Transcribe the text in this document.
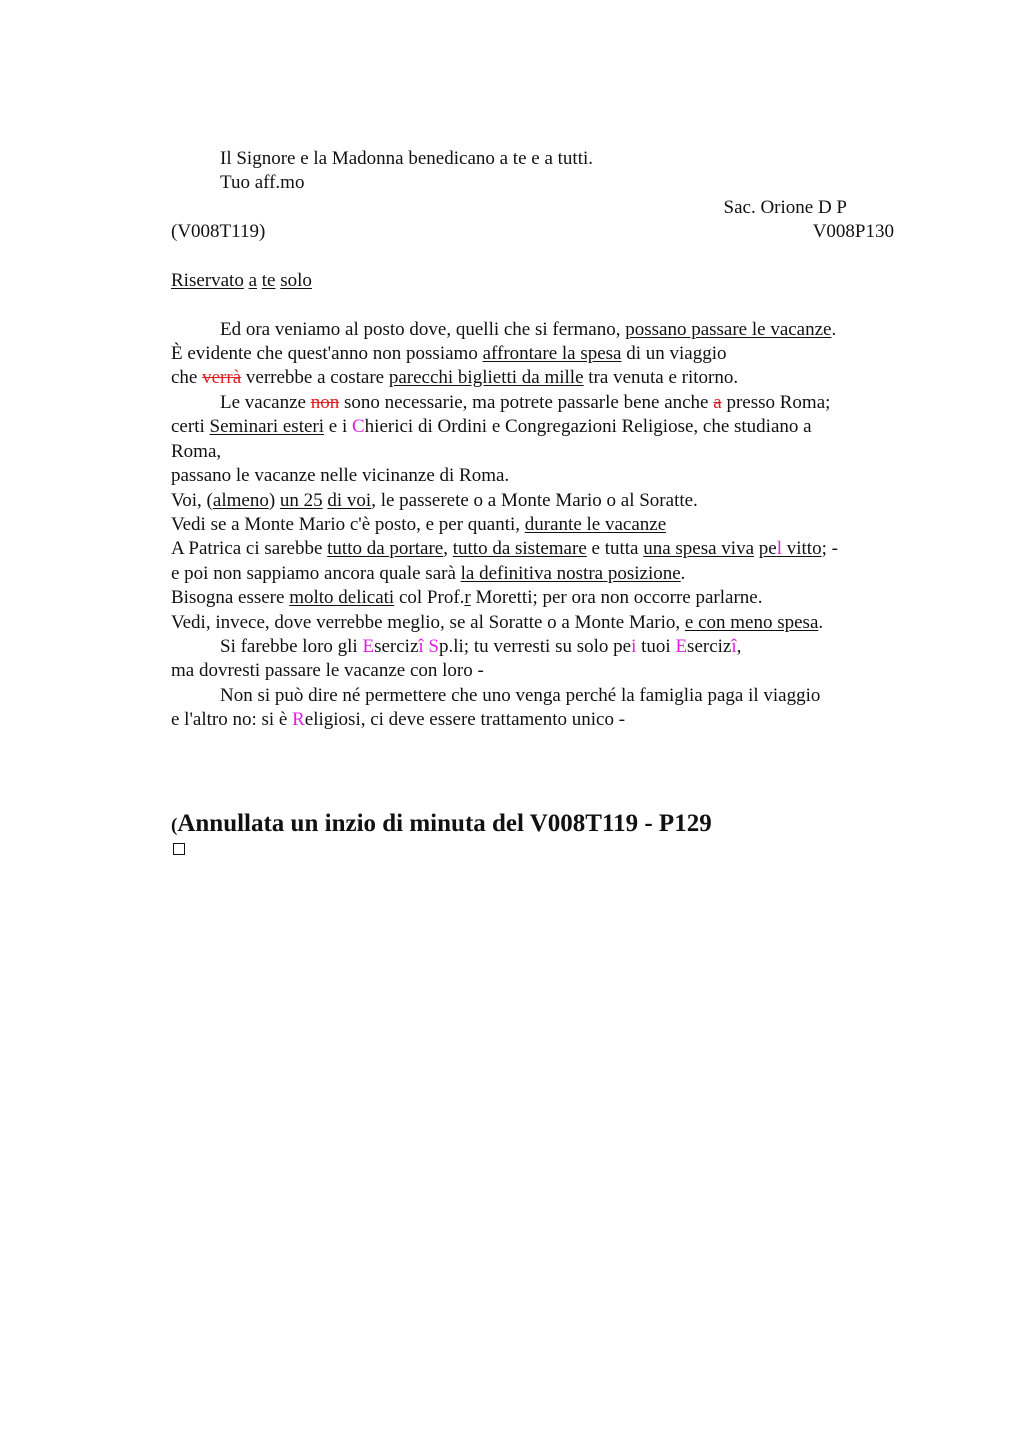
Il Signore e la Madonna benedicano a te e a tutti.
Tuo aff.mo
Sac. Orione D P
(V008T119)	V008P130
Riservato a te solo
Ed ora veniamo al posto dove, quelli che si fermano, possano passare le vacanze.
È evidente che quest'anno non possiamo affrontare la spesa di un viaggio
che verrà verrebbe a costare parecchi biglietti da mille tra venuta e ritorno.
Le vacanze non sono necessarie, ma potrete passarle bene anche a presso Roma;
certi Seminari esteri e i Chierici di Ordini e Congregazioni Religiose, che studiano a
Roma,
passano le vacanze nelle vicinanze di Roma.
Voi, (almeno) un 25 di voi, le passerete o a Monte Mario o al Soratte.
Vedi se a Monte Mario c'è posto, e per quanti, durante le vacanze
A Patrica ci sarebbe tutto da portare, tutto da sistemare e tutta una spesa viva pel vitto; -
e poi non sappiamo ancora quale sarà la definitiva nostra posizione.
Bisogna essere molto delicati col Prof.r Moretti; per ora non occorre parlarne.
Vedi, invece, dove verrebbe meglio, se al Soratte o a Monte Mario, e con meno spesa.
Si farebbe loro gli Esercizî Sp.li; tu verresti su solo pei tuoi Esercizî,
ma dovresti passare le vacanze con loro -
Non si può dire né permettere che uno venga perché la famiglia paga il viaggio
e l'altro no: si è Religiosi, ci deve essere trattamento unico -
(Annullata un inzio di minuta del V008T119 - P129
